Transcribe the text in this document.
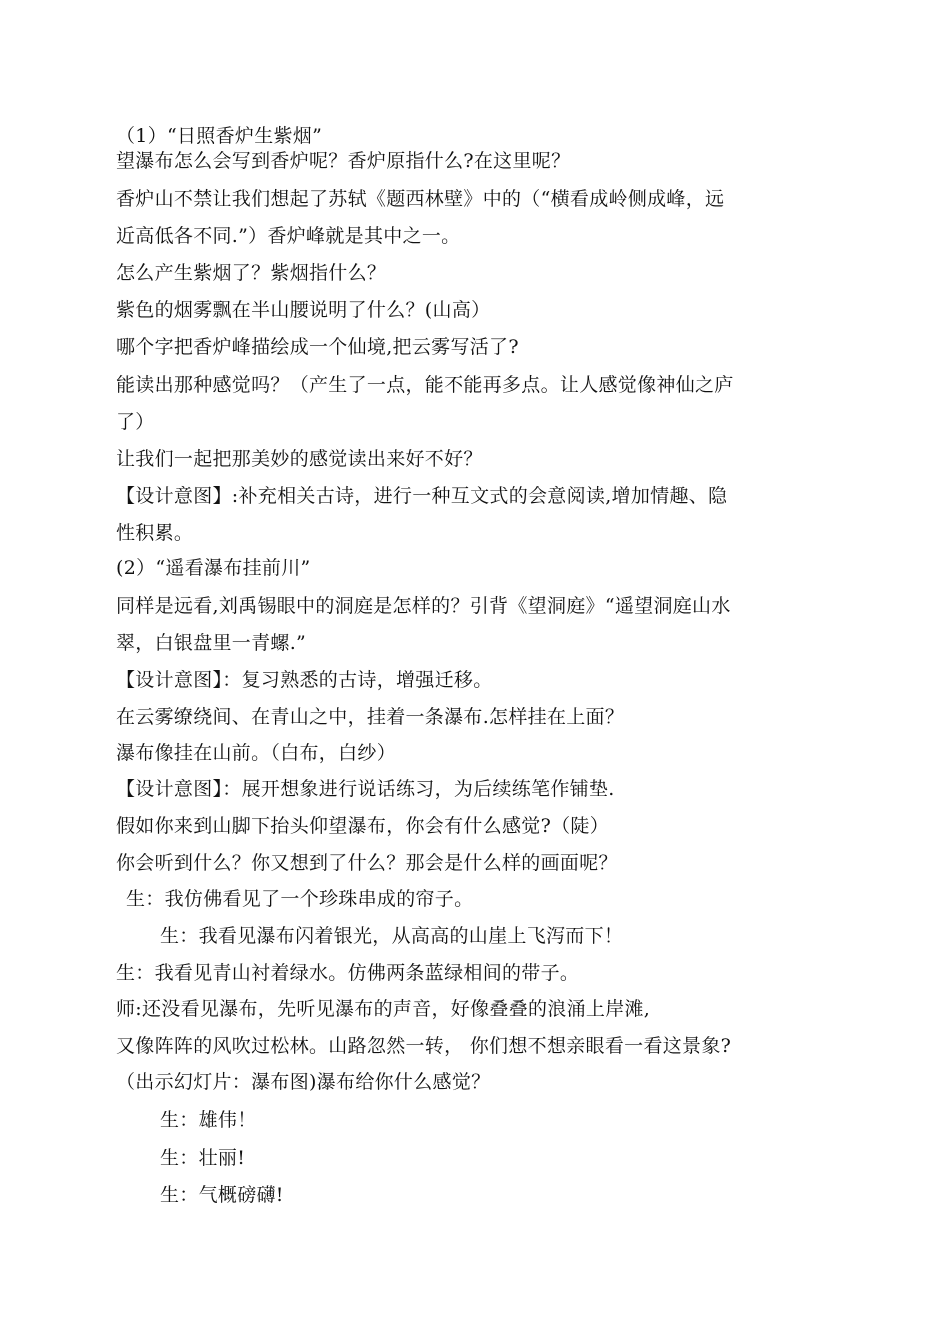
（1）“日照香炉生紫烟”
望瀑布怎么会写到香炉呢？香炉原指什么?在这里呢？
香炉山不禁让我们想起了苏轼《题西林壁》中的（“横看成岭侧成峰，远
近高低各不同.”）香炉峰就是其中之一。
怎么产生紫烟了？紫烟指什么？
紫色的烟雾飘在半山腰说明了什么？(山高）
哪个字把香炉峰描绘成一个仙境,把云雾写活了?
能读出那种感觉吗？（产生了一点，能不能再多点。让人感觉像神仙之庐
了）
让我们一起把那美妙的感觉读出来好不好？
【设计意图】:补充相关古诗，进行一种互文式的会意阅读,增加情趣、隐
性积累。
(2）“遥看瀑布挂前川”
同样是远看,刘禹锡眼中的洞庭是怎样的？引背《望洞庭》“遥望洞庭山水
翠，白银盘里一青螺.”
【设计意图】：复习熟悉的古诗，增强迁移。
在云雾缭绕间、在青山之中，挂着一条瀑布.怎样挂在上面？
瀑布像挂在山前。（白布，白纱）
【设计意图】：展开想象进行说话练习，为后续练笔作铺垫.
假如你来到山脚下抬头仰望瀑布，你会有什么感觉?（陡）
你会听到什么？你又想到了什么？那会是什么样的画面呢？
生：我仿佛看见了一个珍珠串成的帘子。
生：我看见瀑布闪着银光，从高高的山崖上飞泻而下！
生：我看见青山衬着绿水。仿佛两条蓝绿相间的带子。
师:还没看见瀑布，先听见瀑布的声音，好像叠叠的浪涌上岸滩,
又像阵阵的风吹过松林。山路忽然一转， 你们想不想亲眼看一看这景象?
（出示幻灯片：瀑布图)瀑布给你什么感觉？
生：雄伟！
生：壮丽!
生：气概磅礴!
